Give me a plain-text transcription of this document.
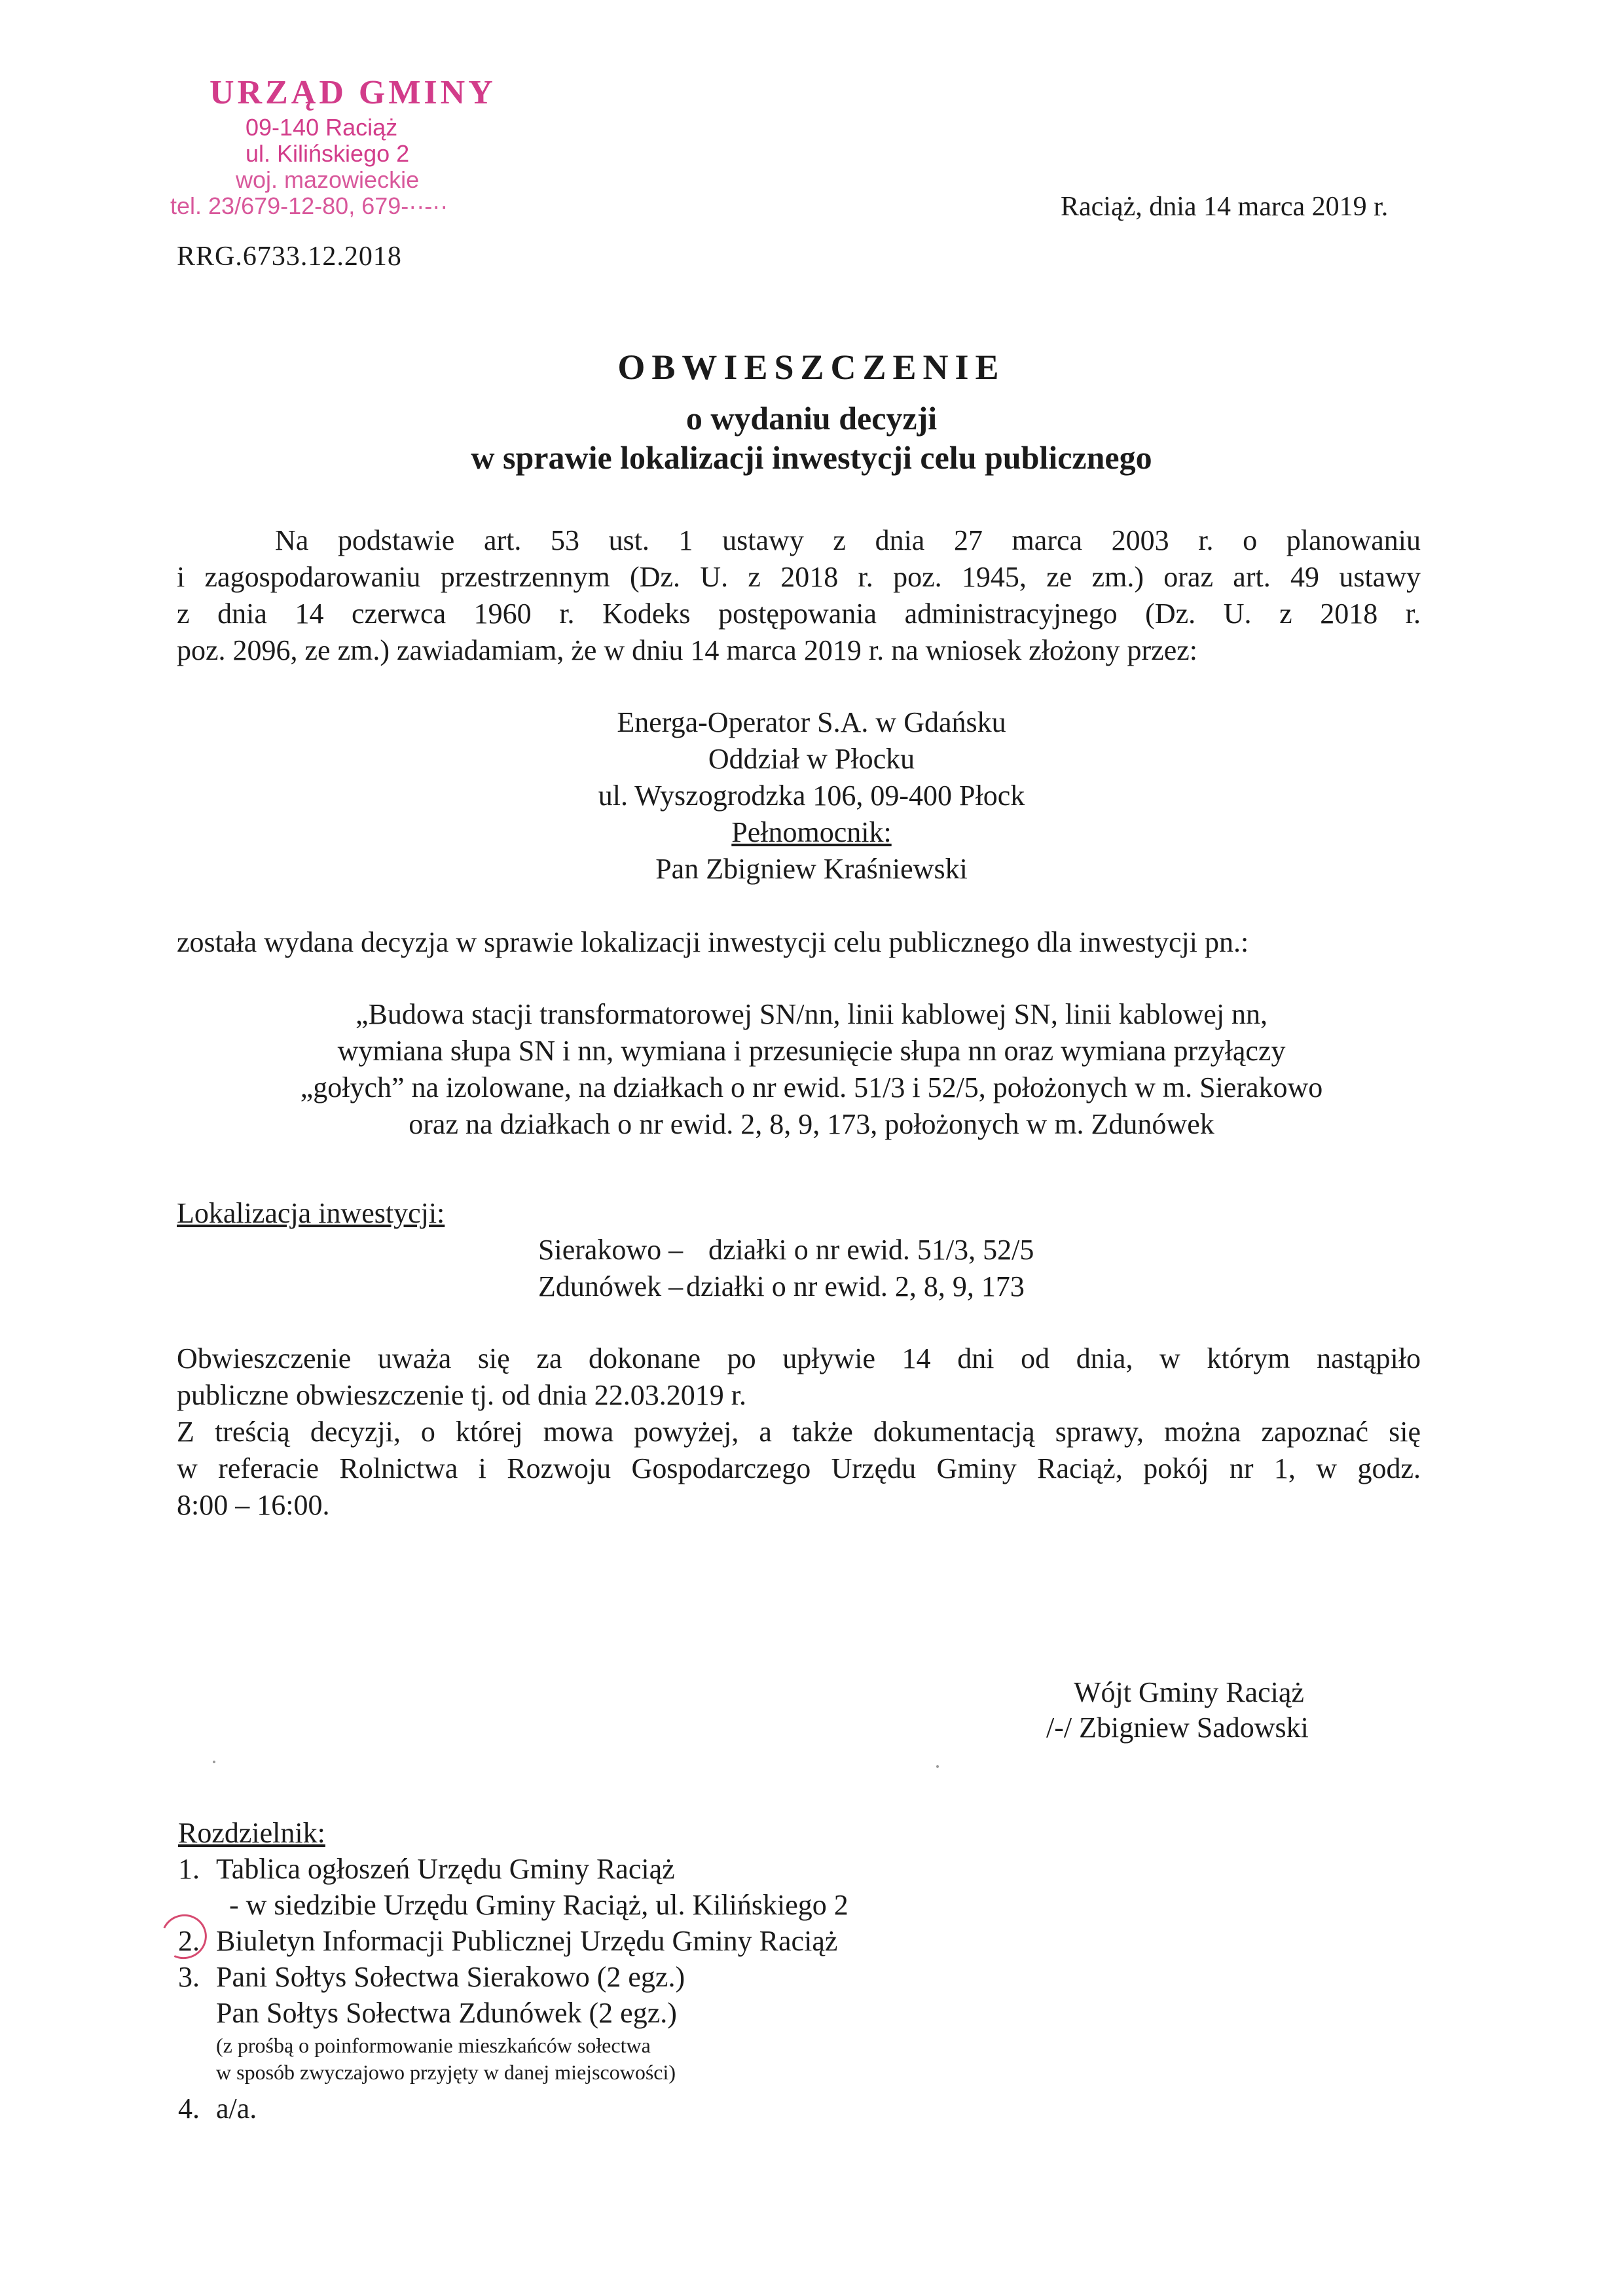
URZĄD GMINY
09-140 Raciąż
ul. Kilińskiego 2
woj. mazowieckie
tel. 23/679-12-80, 679-··-··	Raciąż, dnia 14 marca 2019 r.
RRG.6733.12.2018
OBWIESZCZENIE
o wydaniu decyzji
w sprawie lokalizacji inwestycji celu publicznego
Na podstawie art. 53 ust. 1 ustawy z dnia 27 marca 2003 r. o planowaniu
i zagospodarowaniu przestrzennym (Dz. U. z 2018 r. poz. 1945, ze zm.) oraz art. 49 ustawy
z dnia 14 czerwca 1960 r. Kodeks postępowania administracyjnego (Dz. U. z 2018 r.
poz. 2096, ze zm.) zawiadamiam, że w dniu 14 marca 2019 r. na wniosek złożony przez:
Energa-Operator S.A. w Gdańsku
Oddział w Płocku
ul. Wyszogrodzka 106, 09-400 Płock
Pełnomocnik:
Pan Zbigniew Kraśniewski
została wydana decyzja w sprawie lokalizacji inwestycji celu publicznego dla inwestycji pn.:
„Budowa stacji transformatorowej SN/nn, linii kablowej SN, linii kablowej nn,
wymiana słupa SN i nn, wymiana i przesunięcie słupa nn oraz wymiana przyłączy
„gołych” na izolowane, na działkach o nr ewid. 51/3 i 52/5, położonych w m. Sierakowo
oraz na działkach o nr ewid. 2, 8, 9, 173, położonych w m. Zdunówek
Lokalizacja inwestycji:
Sierakowo – działki o nr ewid. 51/3, 52/5
Zdunówek – działki o nr ewid. 2, 8, 9, 173
Obwieszczenie uważa się za dokonane po upływie 14 dni od dnia, w którym nastąpiło
publiczne obwieszczenie tj. od dnia 22.03.2019 r.
Z treścią decyzji, o której mowa powyżej, a także dokumentacją sprawy, można zapoznać się
w referacie Rolnictwa i Rozwoju Gospodarczego Urzędu Gminy Raciąż, pokój nr 1, w godz.
8:00 – 16:00.
Wójt Gminy Raciąż
/-/ Zbigniew Sadowski
Rozdzielnik:
1. Tablica ogłoszeń Urzędu Gminy Raciąż
- w siedzibie Urzędu Gminy Raciąż, ul. Kilińskiego 2
2. Biuletyn Informacji Publicznej Urzędu Gminy Raciąż
3. Pani Sołtys Sołectwa Sierakowo (2 egz.)
Pan Sołtys Sołectwa Zdunówek (2 egz.)
(z prośbą o poinformowanie mieszkańców sołectwa
w sposób zwyczajowo przyjęty w danej miejscowości)
4. a/a.
